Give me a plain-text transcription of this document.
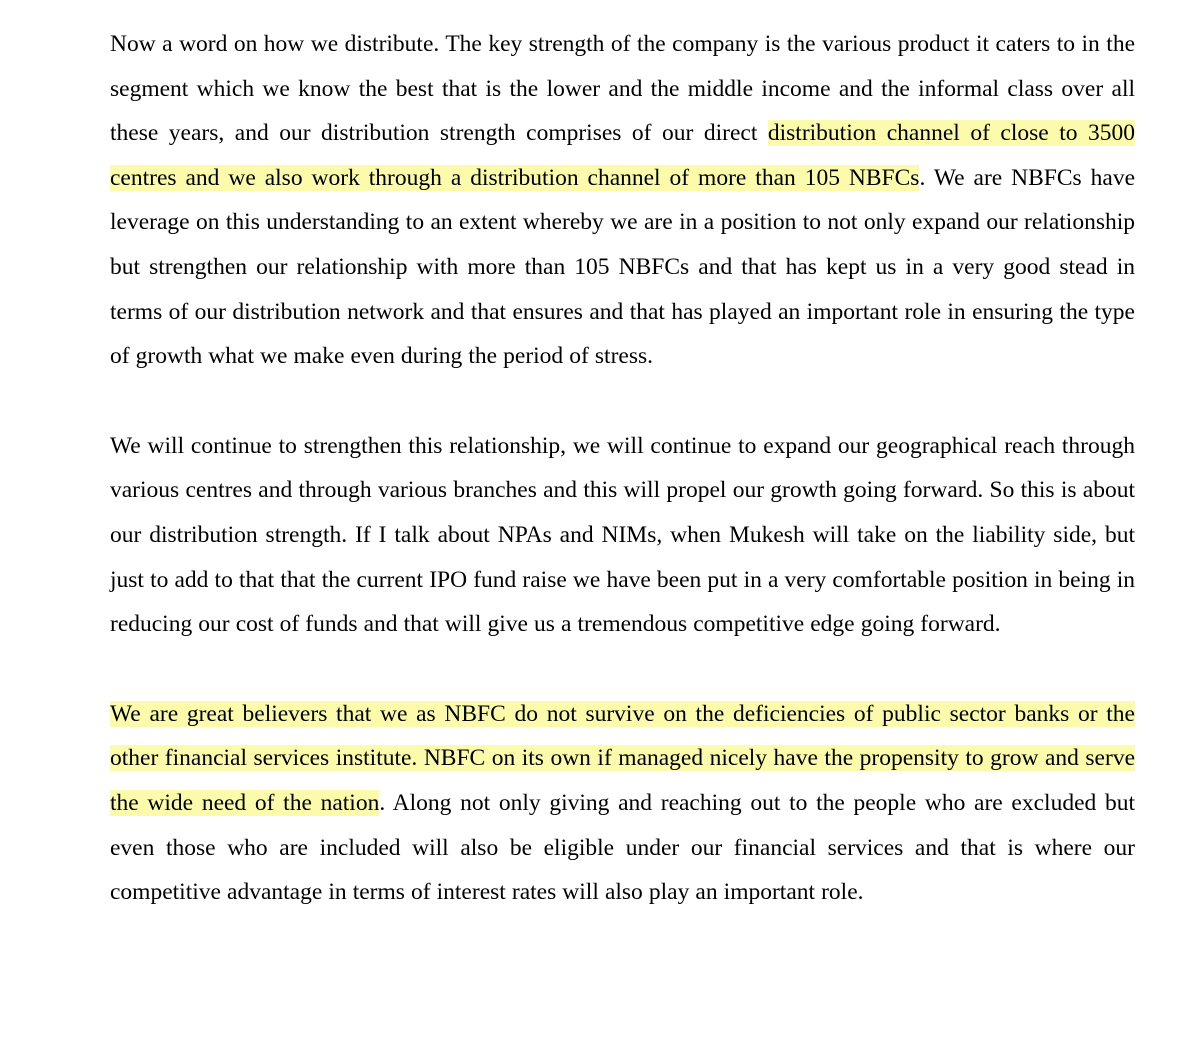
Now a word on how we distribute. The key strength of the company is the various product it caters to in the segment which we know the best that is the lower and the middle income and the informal class over all these years, and our distribution strength comprises of our direct distribution channel of close to 3500 centres and we also work through a distribution channel of more than 105 NBFCs. We are NBFCs have leverage on this understanding to an extent whereby we are in a position to not only expand our relationship but strengthen our relationship with more than 105 NBFCs and that has kept us in a very good stead in terms of our distribution network and that ensures and that has played an important role in ensuring the type of growth what we make even during the period of stress.

We will continue to strengthen this relationship, we will continue to expand our geographical reach through various centres and through various branches and this will propel our growth going forward. So this is about our distribution strength. If I talk about NPAs and NIMs, when Mukesh will take on the liability side, but just to add to that that the current IPO fund raise we have been put in a very comfortable position in being in reducing our cost of funds and that will give us a tremendous competitive edge going forward.

We are great believers that we as NBFC do not survive on the deficiencies of public sector banks or the other financial services institute. NBFC on its own if managed nicely have the propensity to grow and serve the wide need of the nation. Along not only giving and reaching out to the people who are excluded but even those who are included will also be eligible under our financial services and that is where our competitive advantage in terms of interest rates will also play an important role.
